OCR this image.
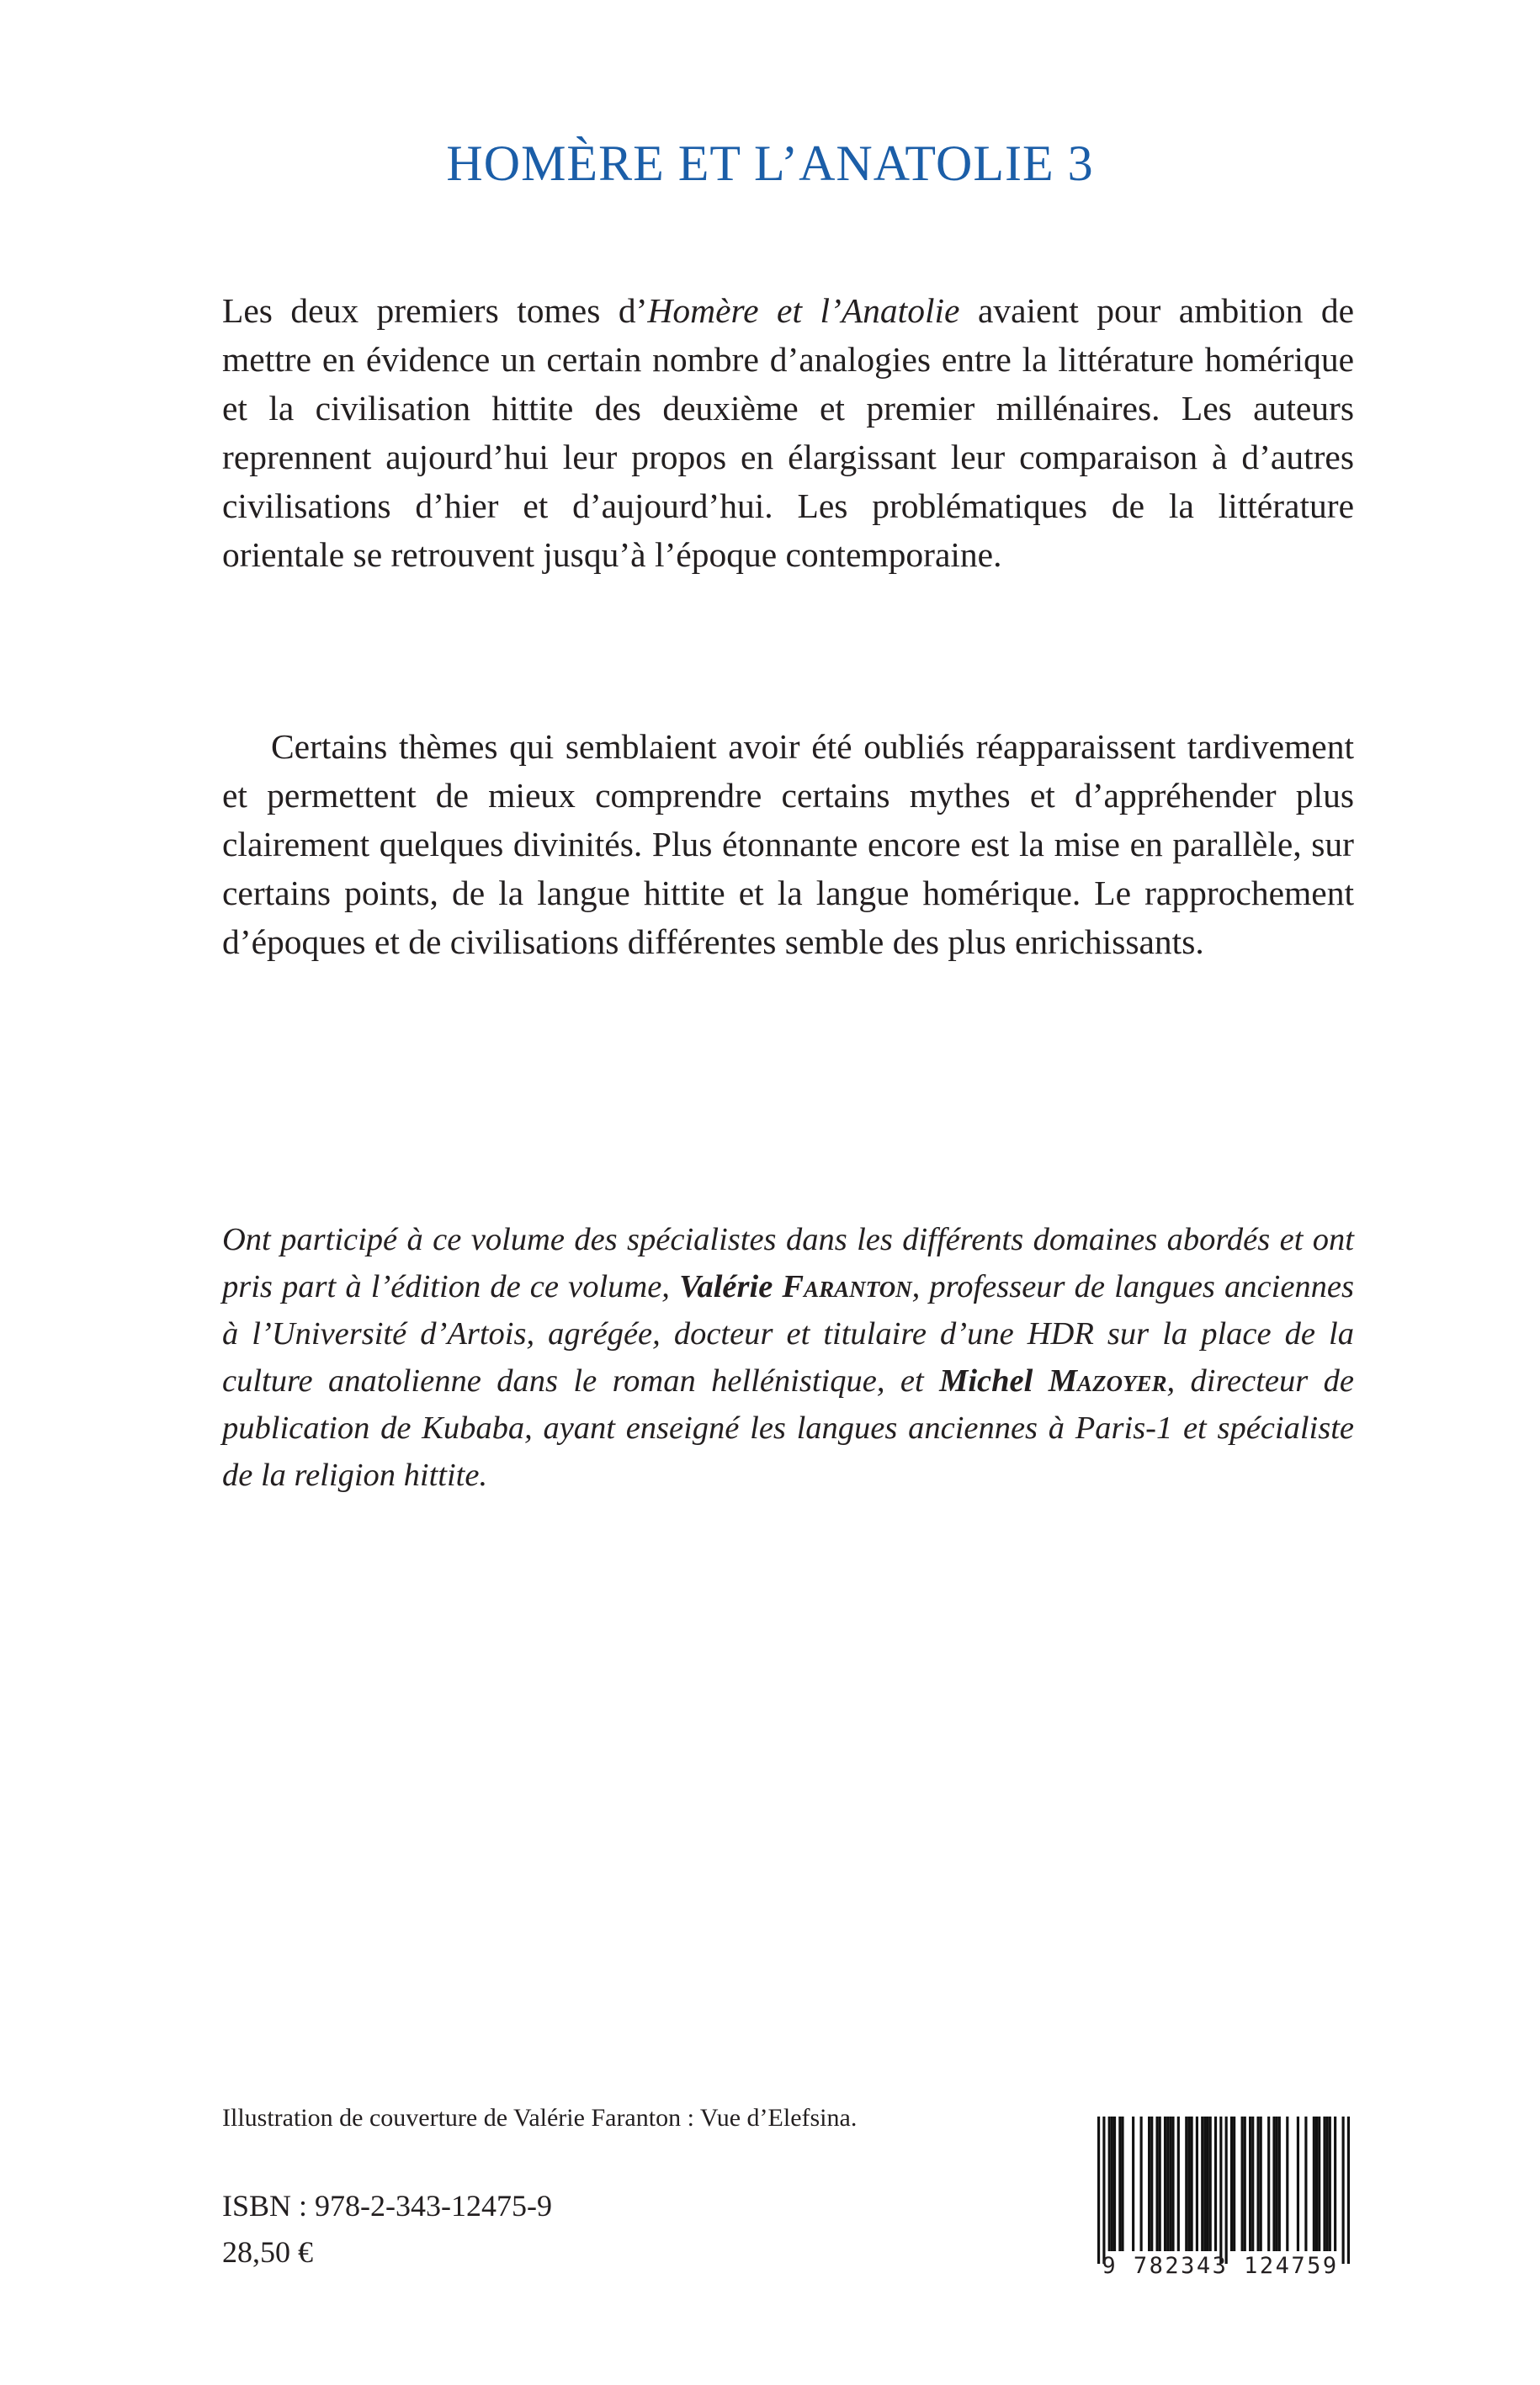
HOMÈRE ET L’ANATOLIE 3

Les deux premiers tomes d’Homère et l’Anatolie avaient pour ambition de mettre en évidence un certain nombre d’analogies entre la littérature homérique et la civilisation hittite des deuxième et premier millénaires. Les auteurs reprennent aujourd’hui leur propos en élargissant leur comparaison à d’autres civilisations d’hier et d’aujourd’hui. Les problématiques de la littérature orientale se retrouvent jusqu’à l’époque contemporaine.

Certains thèmes qui semblaient avoir été oubliés réapparaissent tardivement et permettent de mieux comprendre certains mythes et d’appréhender plus clairement quelques divinités. Plus étonnante encore est la mise en parallèle, sur certains points, de la langue hittite et la langue homérique. Le rapprochement d’époques et de civilisations différentes semble des plus enrichissants.

Ont participé à ce volume des spécialistes dans les différents domaines abordés et ont pris part à l’édition de ce volume, Valérie Faranton, professeur de langues anciennes à l’Université d’Artois, agrégée, docteur et titulaire d’une HDR sur la place de la culture anatolienne dans le roman hellénistique, et Michel Mazoyer, directeur de publication de Kubaba, ayant enseigné les langues anciennes à Paris-1 et spécialiste de la religion hittite.

Illustration de couverture de Valérie Faranton : Vue d’Elefsina.

ISBN : 978-2-343-12475-9

28,50 €	9 782343 124759
